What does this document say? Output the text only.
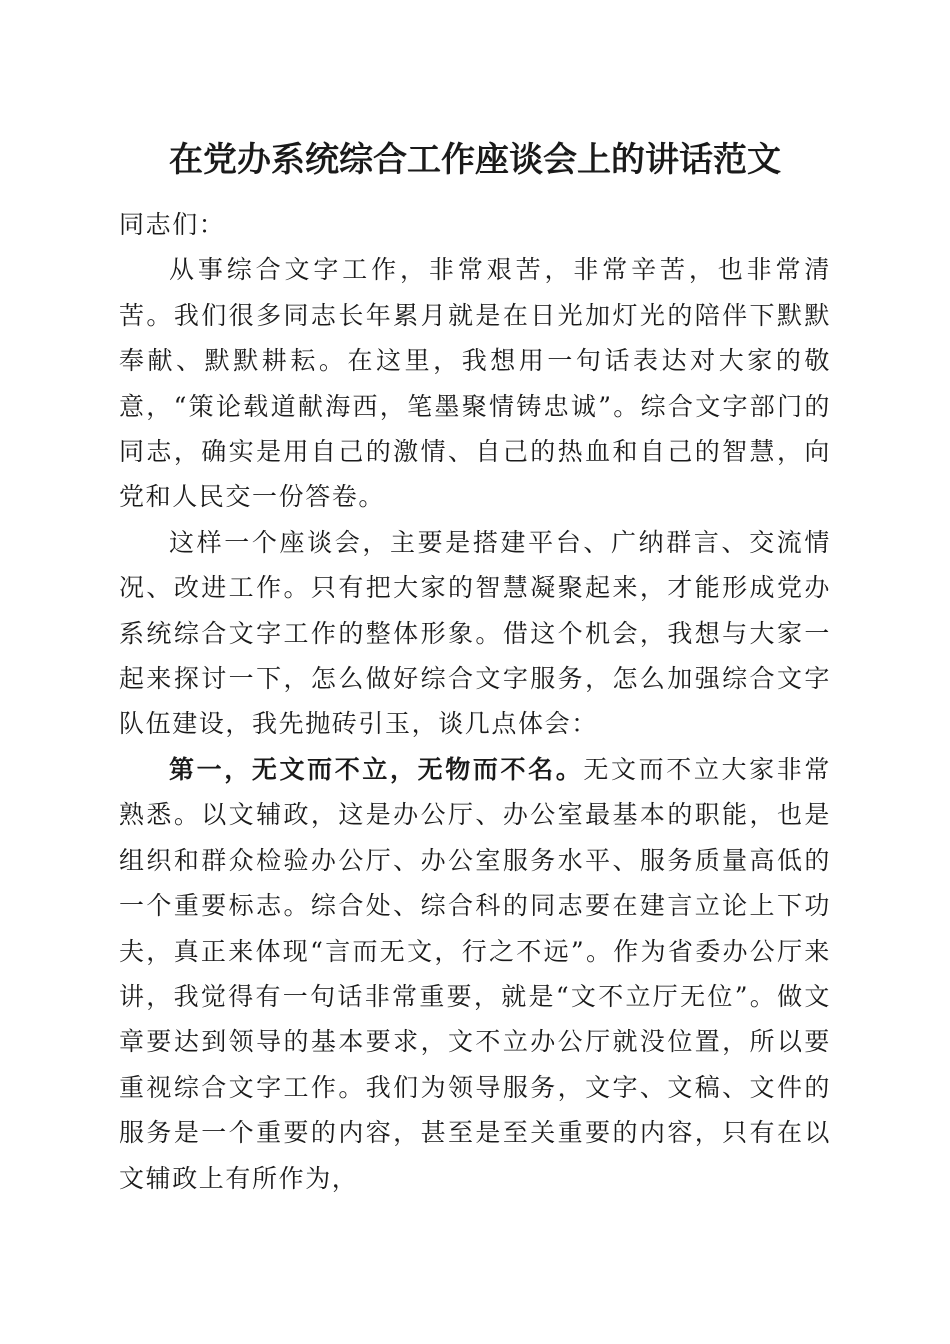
在党办系统综合工作座谈会上的讲话范文

同志们：

从事综合文字工作，非常艰苦，非常辛苦，也非常清苦。我们很多同志长年累月就是在日光加灯光的陪伴下默默奉献、默默耕耘。在这里，我想用一句话表达对大家的敬意，“策论载道献海西，笔墨聚情铸忠诚”。综合文字部门的同志，确实是用自己的激情、自己的热血和自己的智慧，向党和人民交一份答卷。

这样一个座谈会，主要是搭建平台、广纳群言、交流情况、改进工作。只有把大家的智慧凝聚起来，才能形成党办系统综合文字工作的整体形象。借这个机会，我想与大家一起来探讨一下，怎么做好综合文字服务，怎么加强综合文字队伍建设，我先抛砖引玉，谈几点体会：

第一，无文而不立，无物而不名。无文而不立大家非常熟悉。以文辅政，这是办公厅、办公室最基本的职能，也是组织和群众检验办公厅、办公室服务水平、服务质量高低的一个重要标志。综合处、综合科的同志要在建言立论上下功夫，真正来体现“言而无文，行之不远”。作为省委办公厅来讲，我觉得有一句话非常重要，就是“文不立厅无位”。做文章要达到领导的基本要求，文不立办公厅就没位置，所以要重视综合文字工作。我们为领导服务，文字、文稿、文件的服务是一个重要的内容，甚至是至关重要的内容，只有在以文辅政上有所作为，
